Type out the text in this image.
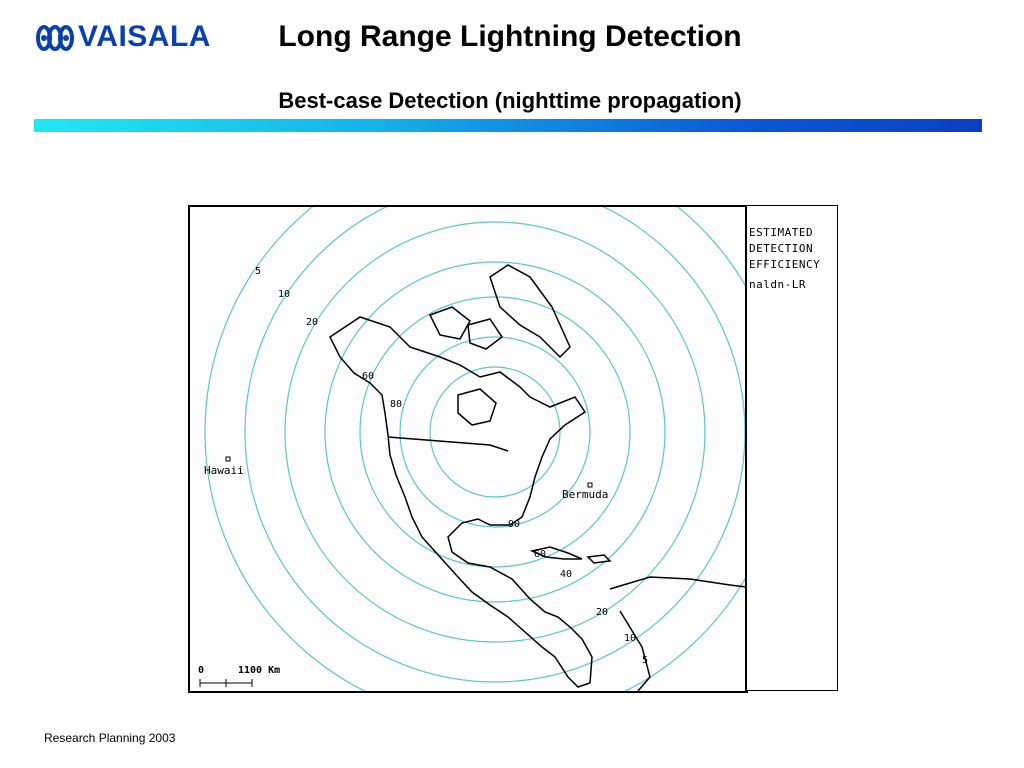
VAISALA	Long Range Lightning Detection
Best-case Detection (nighttime propagation)
Hawaii
Bermuda
5
10
20
60
80
90
60
40
20
10
5
0	1100 Km
ESTIMATED
DETECTION
EFFICIENCY
naldn-LR
Research Planning 2003
